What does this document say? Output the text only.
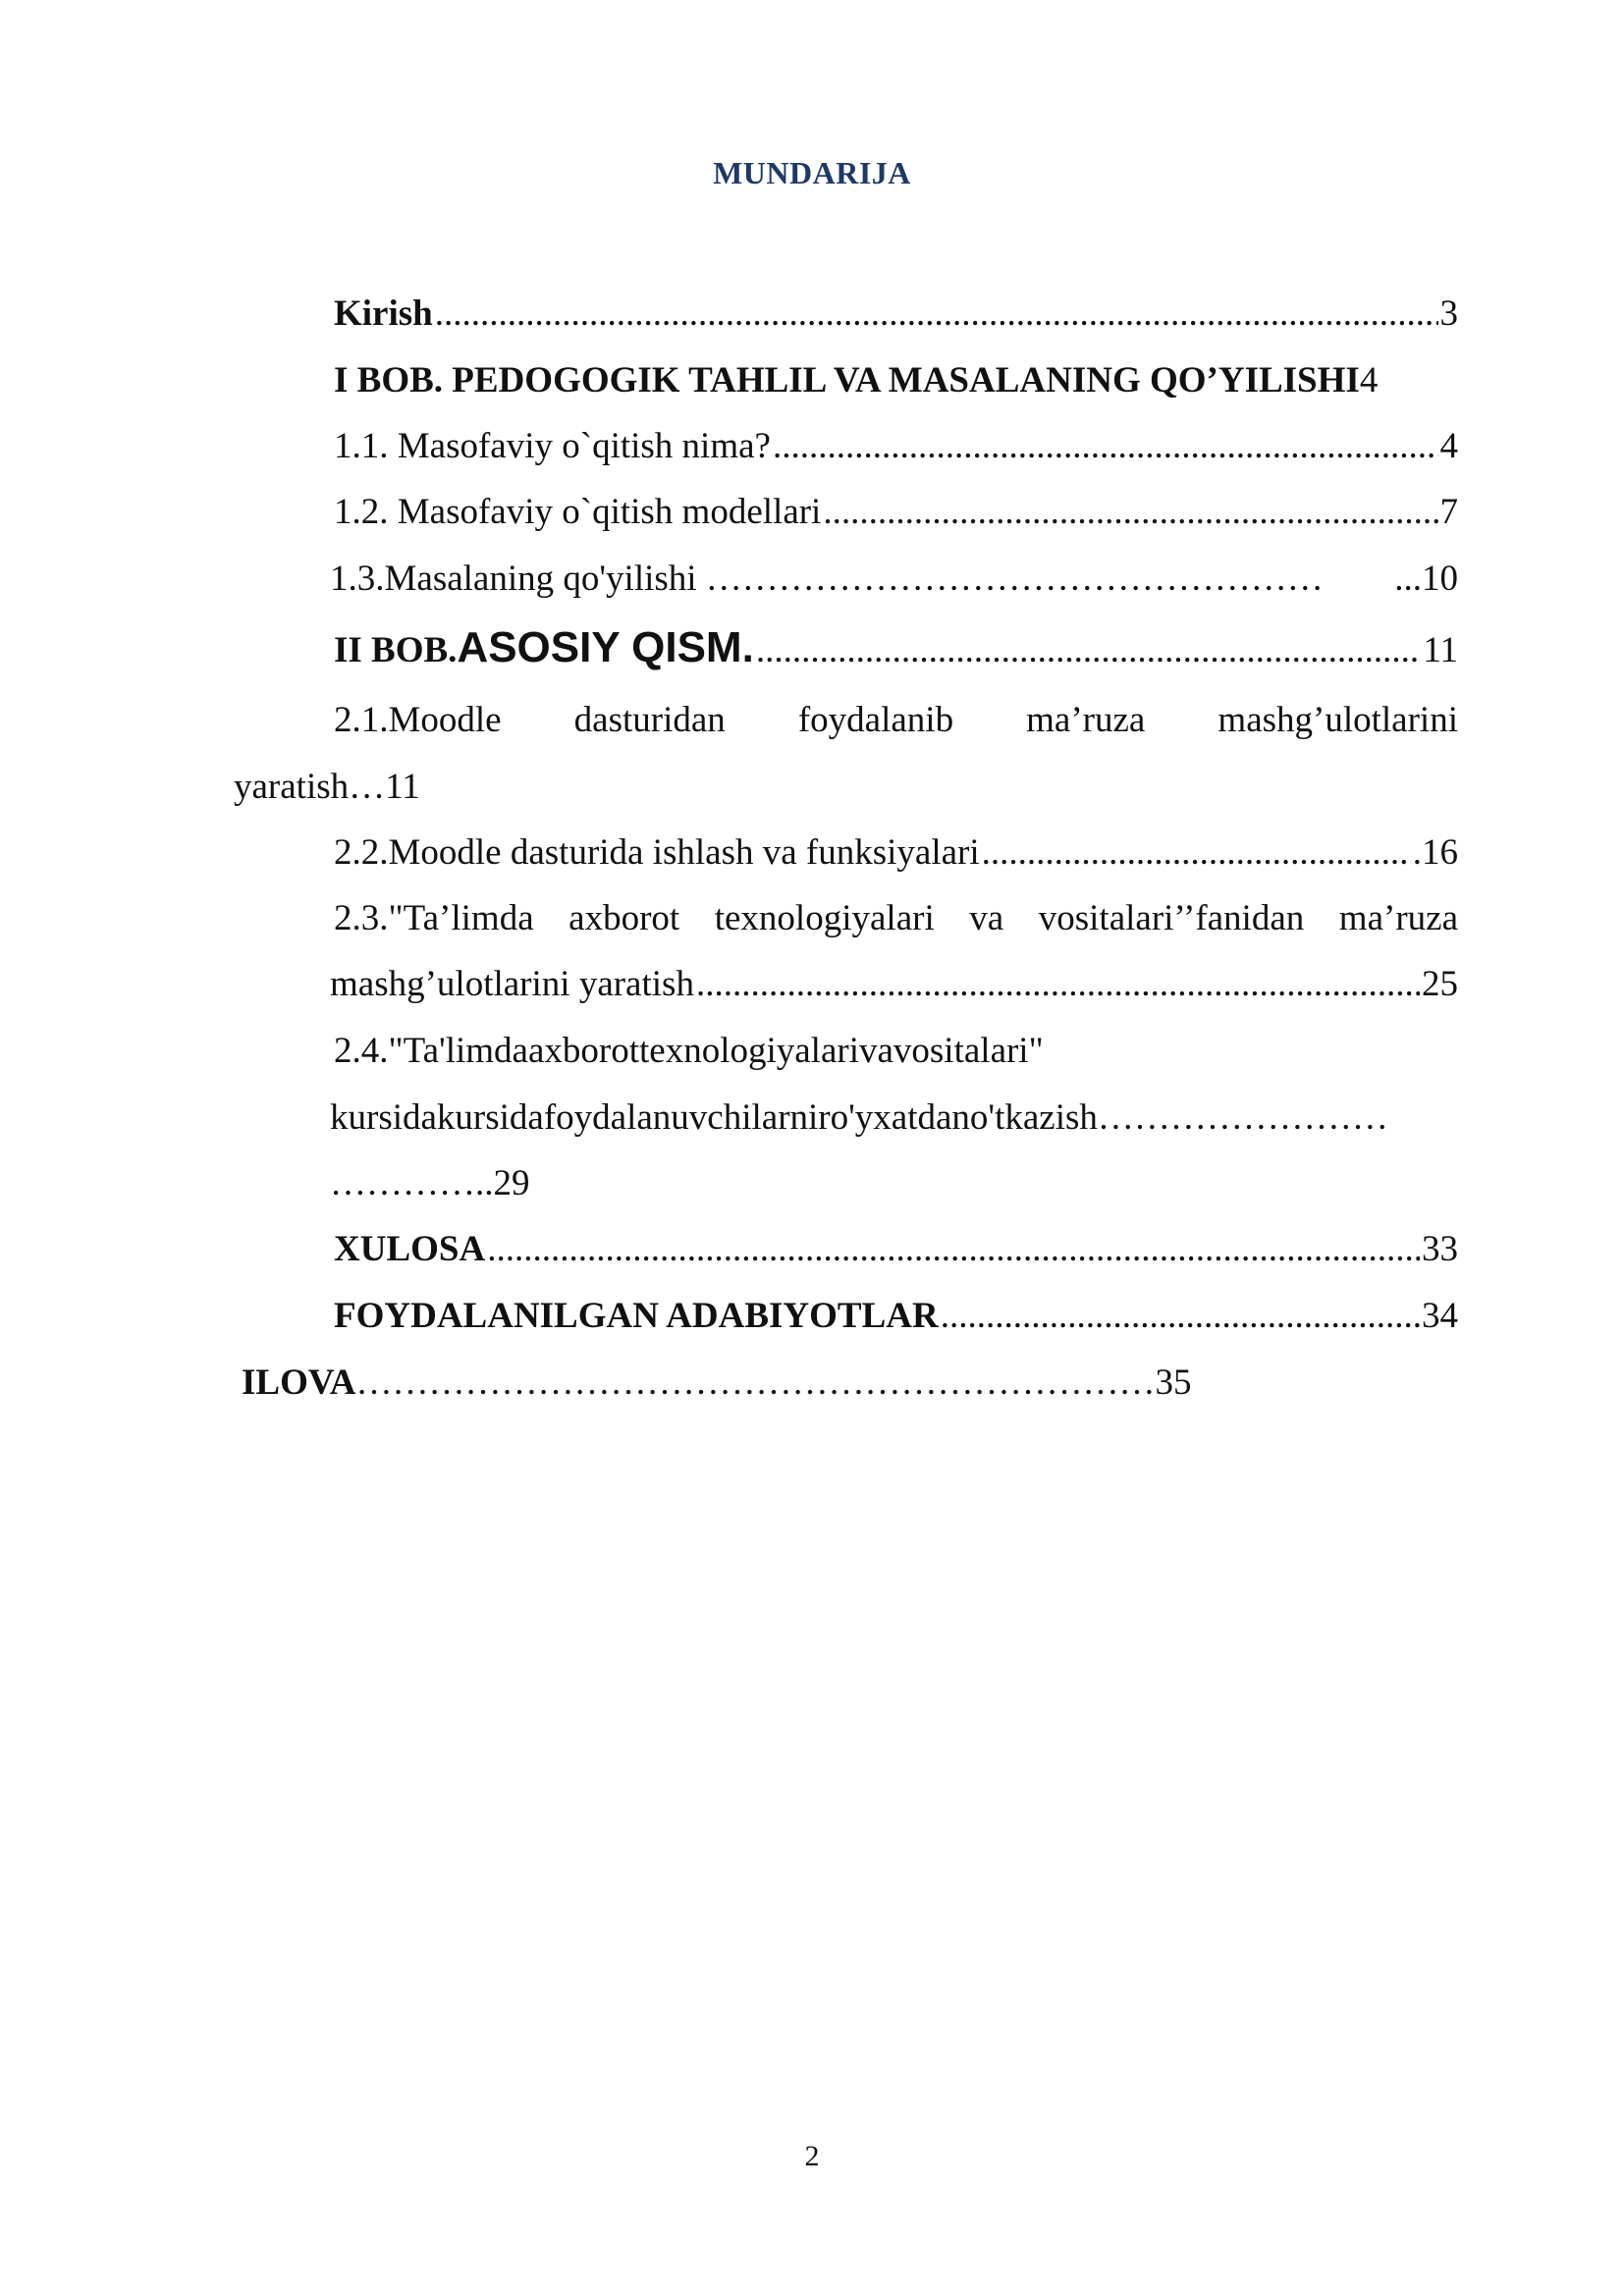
MUNDARIJA
Kirish .....	3
I BOB. PEDOGOGIK TAHLIL VA MASALANING QO’YILISHI 4
1.1. Masofaviy o`qitish nima? .....	4
1.2. Masofaviy o`qitish modellari .....	7
1.3.Masalaning qo'yilishi …………………………………………… ...10
II BOB. ASOSIY QISM. .....	11
2.1.Moodle dasturidan foydalanib ma’ruza mashg’ulotlarini
yaratish…11
2.2.Moodle dasturida ishlash va funksiyalari .....	.16
2.3."Ta’limda axborot texnologiyalari va vositalari’’fanidan ma’ruza
mashg’ulotlarini yaratish .....	25
2.4."Ta'limdaaxborottexnologiyalarivavositalari"
kursidakursidafoydalanuvchilarniro'yxatdano'tkazish……………………
…………..29
XULOSA .....	33
FOYDALANILGAN ADABIYOTLAR .....	34
ILOVA…………………………………………………………35
2
